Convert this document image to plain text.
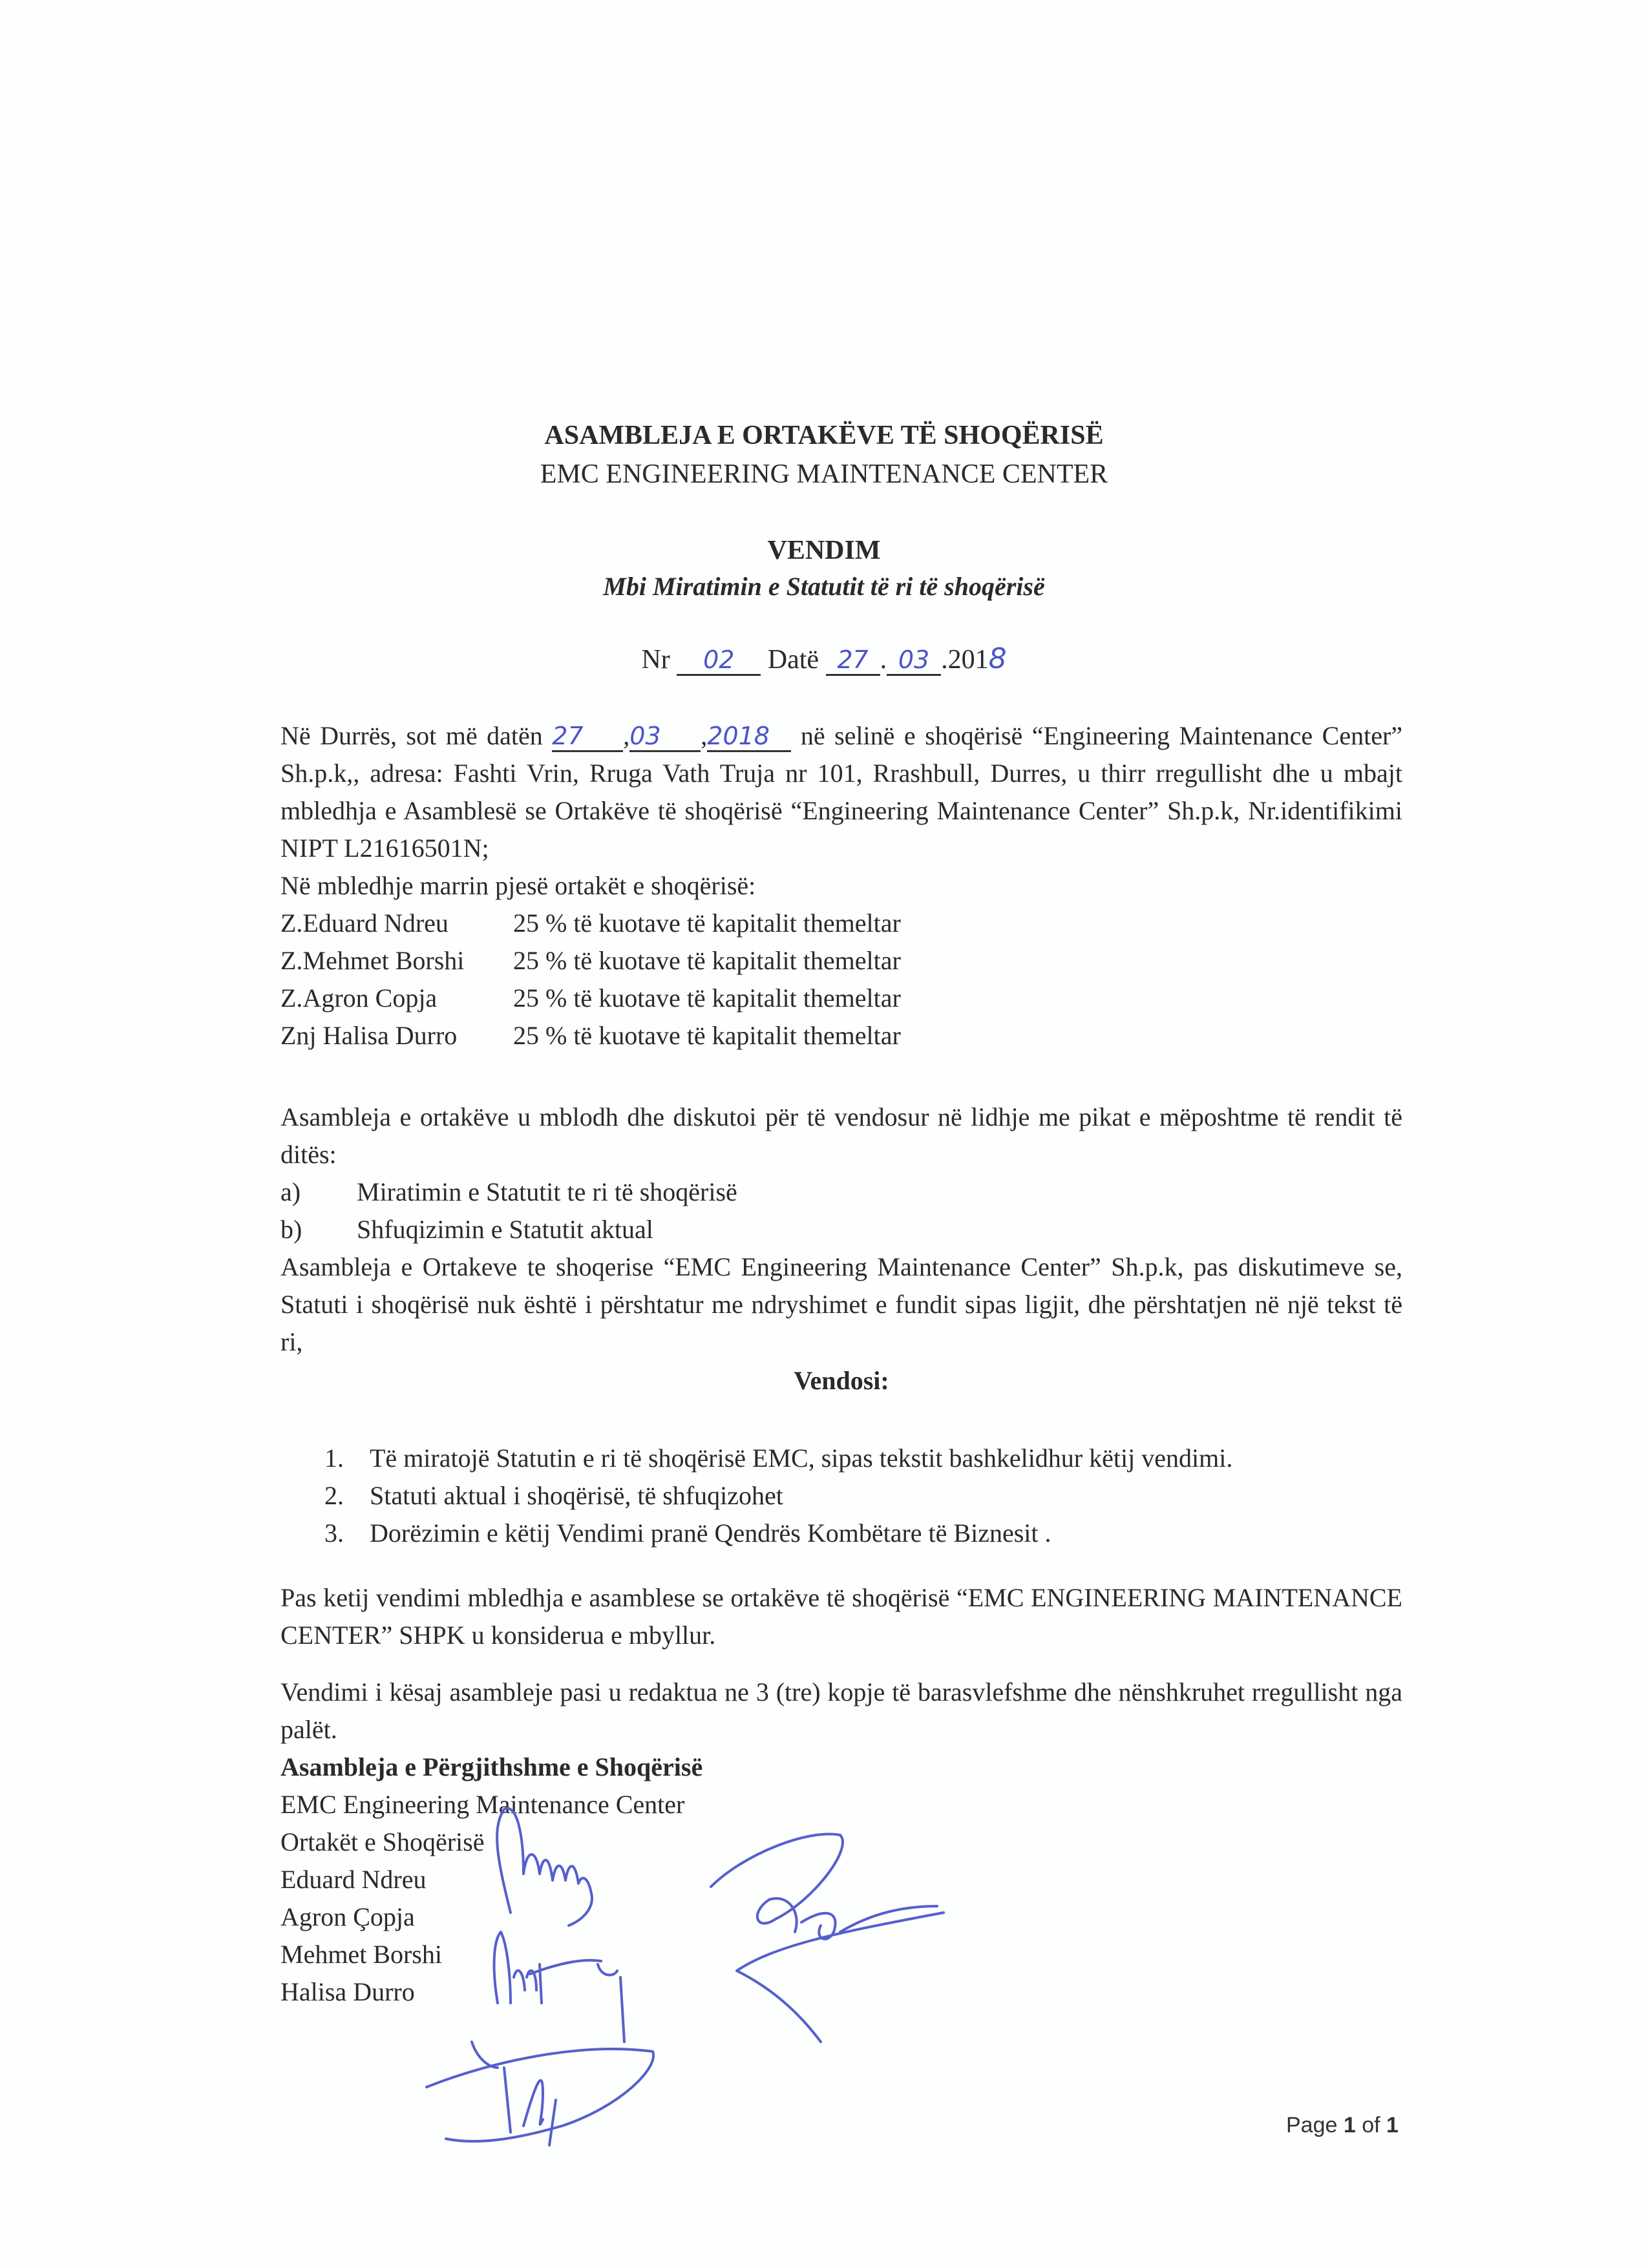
ASAMBLEJA E ORTAKËVE TË SHOQËRISË
EMC ENGINEERING MAINTENANCE CENTER
VENDIM
Mbi Miratimin e Statutit të ri të shoqërisë
Nr 02 Datë 27 . 03 .2018
Në Durrës, sot më datën 27 ,03 ,2018 në selinë e shoqërisë “Engineering Maintenance Center” Sh.p.k,, adresa: Fashti Vrin, Rruga Vath Truja nr 101, Rrashbull, Durres, u thirr rregullisht dhe u mbajt mbledhja e Asamblesë se Ortakëve të shoqërisë “Engineering Maintenance Center” Sh.p.k, Nr.identifikimi NIPT L21616501N;
Në mbledhje marrin pjesë ortakët e shoqërisë:
Z.Eduard Ndreu	25 % të kuotave të kapitalit themeltar
Z.Mehmet Borshi	25 % të kuotave të kapitalit themeltar
Z.Agron Copja	25 % të kuotave të kapitalit themeltar
Znj Halisa Durro	25 % të kuotave të kapitalit themeltar
Asambleja e ortakëve u mblodh dhe diskutoi për të vendosur në lidhje me pikat e mëposhtme të rendit të ditës:
a)	Miratimin e Statutit te ri të shoqërisë
b)	Shfuqizimin e Statutit aktual
Asambleja e Ortakeve te shoqerise “EMC Engineering Maintenance Center” Sh.p.k, pas diskutimeve se, Statuti i shoqërisë nuk është i përshtatur me ndryshimet e fundit sipas ligjit, dhe përshtatjen në një tekst të ri,
Vendosi:
1.	Të miratojë Statutin e ri të shoqërisë EMC, sipas tekstit bashkelidhur këtij vendimi.
2.	Statuti aktual i shoqërisë, të shfuqizohet
3.	Dorëzimin e këtij Vendimi pranë Qendrës Kombëtare të Biznesit .
Pas ketij vendimi mbledhja e asamblese se ortakëve të shoqërisë “EMC ENGINEERING MAINTENANCE CENTER” SHPK u konsiderua e mbyllur.
Vendimi i kësaj asambleje pasi u redaktua ne 3 (tre) kopje të barasvlefshme dhe nënshkruhet rregullisht nga palët.
Asambleja e Përgjithshme e Shoqërisë
EMC Engineering Maintenance Center
Ortakët e Shoqërisë
Eduard Ndreu
Agron Çopja
Mehmet Borshi
Halisa Durro
Page 1 of 1
